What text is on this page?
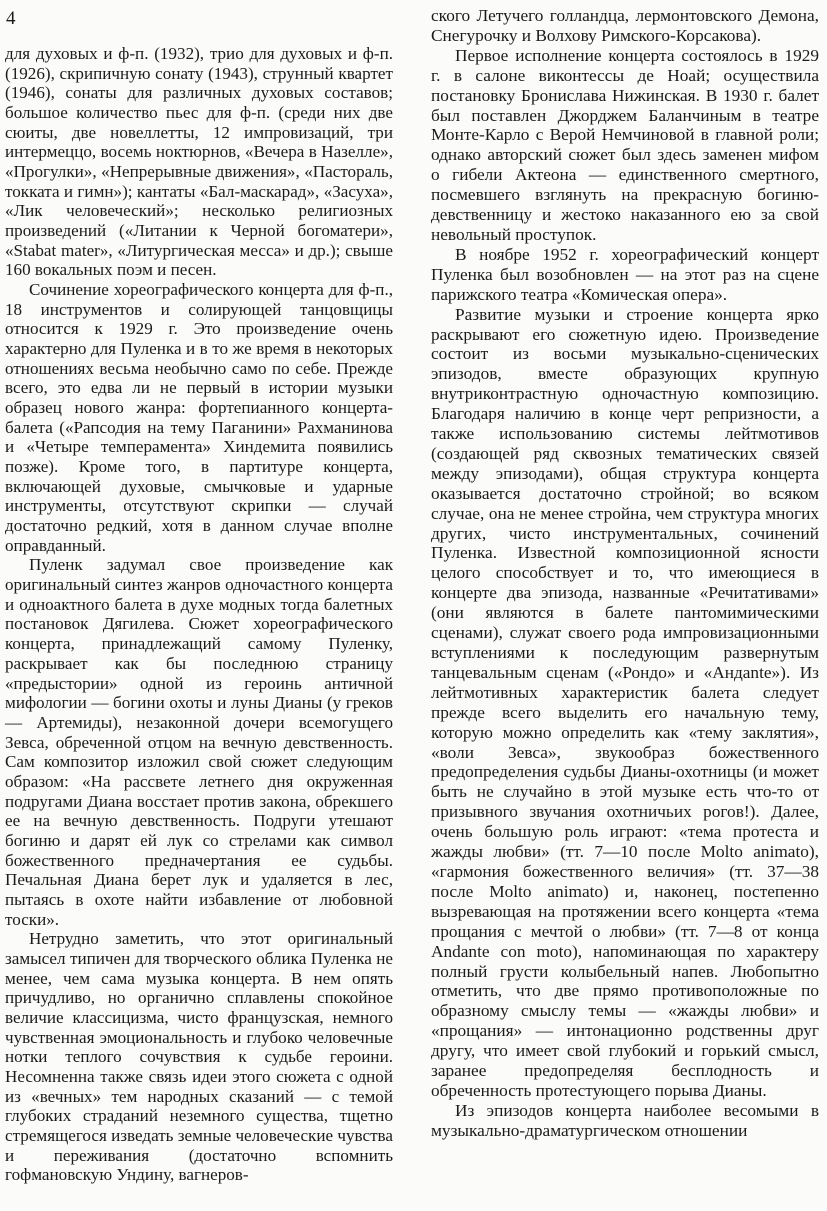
4

для духовых и ф-п. (1932), трио для духовых и ф-п. (1926), скрипичную сонату (1943), струнный квартет (1946), сонаты для различных духовых составов; большое количество пьес для ф-п. (среди них две сюиты, две новеллетты, 12 импровизаций, три интермеццо, восемь ноктюрнов, «Вечера в Назелле», «Прогулки», «Непрерывные движения», «Пастораль, токката и гимн»); кантаты «Бал-маскарад», «Засуха», «Лик человеческий»; несколько религиозных произведений («Литании к Черной богоматери», «Stabat mater», «Литургическая месса» и др.); свыше 160 вокальных поэм и песен.

Сочинение хореографического концерта для ф-п., 18 инструментов и солирующей танцовщицы относится к 1929 г. Это произведение очень характерно для Пуленка и в то же время в некоторых отношениях весьма необычно само по себе. Прежде всего, это едва ли не первый в истории музыки образец нового жанра: фортепианного концерта-балета («Рапсодия на тему Паганини» Рахманинова и «Четыре темперамента» Хиндемита появились позже). Кроме того, в партитуре концерта, включающей духовые, смычковые и ударные инструменты, отсутствуют скрипки — случай достаточно редкий, хотя в данном случае вполне оправданный.

Пуленк задумал свое произведение как оригинальный синтез жанров одночастного концерта и одноактного балета в духе модных тогда балетных постановок Дягилева. Сюжет хореографического концерта, принадлежащий самому Пуленку, раскрывает как бы последнюю страницу «предыстории» одной из героинь античной мифологии — богини охоты и луны Дианы (у греков — Артемиды), незаконной дочери всемогущего Зевса, обреченной отцом на вечную девственность. Сам композитор изложил свой сюжет следующим образом: «На рассвете летнего дня окруженная подругами Диана восстает против закона, обрекшего ее на вечную девственность. Подруги утешают богиню и дарят ей лук со стрелами как символ божественного предначертания ее судьбы. Печальная Диана берет лук и удаляется в лес, пытаясь в охоте найти избавление от любовной тоски».

Нетрудно заметить, что этот оригинальный замысел типичен для творческого облика Пуленка не менее, чем сама музыка концерта. В нем опять причудливо, но органично сплавлены спокойное величие классицизма, чисто французская, немного чувственная эмоциональность и глубоко человечные нотки теплого сочувствия к судьбе героини. Несомненна также связь идеи этого сюжета с одной из «вечных» тем народных сказаний — с темой глубоких страданий неземного существа, тщетно стремящегося изведать земные человеческие чувства и переживания (достаточно вспомнить гофмановскую Ундину, вагнеров-

ского Летучего голландца, лермонтовского Демона, Снегурочку и Волхову Римского-Корсакова).

Первое исполнение концерта состоялось в 1929 г. в салоне виконтессы де Ноай; осуществила постановку Бронислава Нижинская. В 1930 г. балет был поставлен Джорджем Баланчиным в театре Монте-Карло с Верой Немчиновой в главной роли; однако авторский сюжет был здесь заменен мифом о гибели Актеона — единственного смертного, посмевшего взглянуть на прекрасную богиню-девственницу и жестоко наказанного ею за свой невольный проступок.

В ноябре 1952 г. хореографический концерт Пуленка был возобновлен — на этот раз на сцене парижского театра «Комическая опера».

Развитие музыки и строение концерта ярко раскрывают его сюжетную идею. Произведение состоит из восьми музыкально-сценических эпизодов, вместе образующих крупную внутриконтрастную одночастную композицию. Благодаря наличию в конце черт репризности, а также использованию системы лейтмотивов (создающей ряд сквозных тематических связей между эпизодами), общая структура концерта оказывается достаточно стройной; во всяком случае, она не менее стройна, чем структура многих других, чисто инструментальных, сочинений Пуленка. Известной композиционной ясности целого способствует и то, что имеющиеся в концерте два эпизода, названные «Речитативами» (они являются в балете пантомимическими сценами), служат своего рода импровизационными вступлениями к последующим развернутым танцевальным сценам («Рондо» и «Андante»). Из лейтмотивных характеристик балета следует прежде всего выделить его начальную тему, которую можно определить как «тему заклятия», «воли Зевса», звукообраз божественного предопределения судьбы Дианы-охотницы (и может быть не случайно в этой музыке есть что-то от призывного звучания охотничьих рогов!). Далее, очень большую роль играют: «тема протеста и жажды любви» (тт. 7—10 после Molto animato), «гармония божественного величия» (тт. 37—38 после Molto animato) и, наконец, постепенно вызревающая на протяжении всего концерта «тема прощания с мечтой о любви» (тт. 7—8 от конца Andante con moto), напоминающая по характеру полный грусти колыбельный напев. Любопытно отметить, что две прямо противоположные по образному смыслу темы — «жажды любви» и «прощания» — интонационно родственны друг другу, что имеет свой глубокий и горький смысл, заранее предопределяя бесплодность и обреченность протестующего порыва Дианы.

Из эпизодов концерта наиболее весомыми в музыкально-драматургическом отношении
